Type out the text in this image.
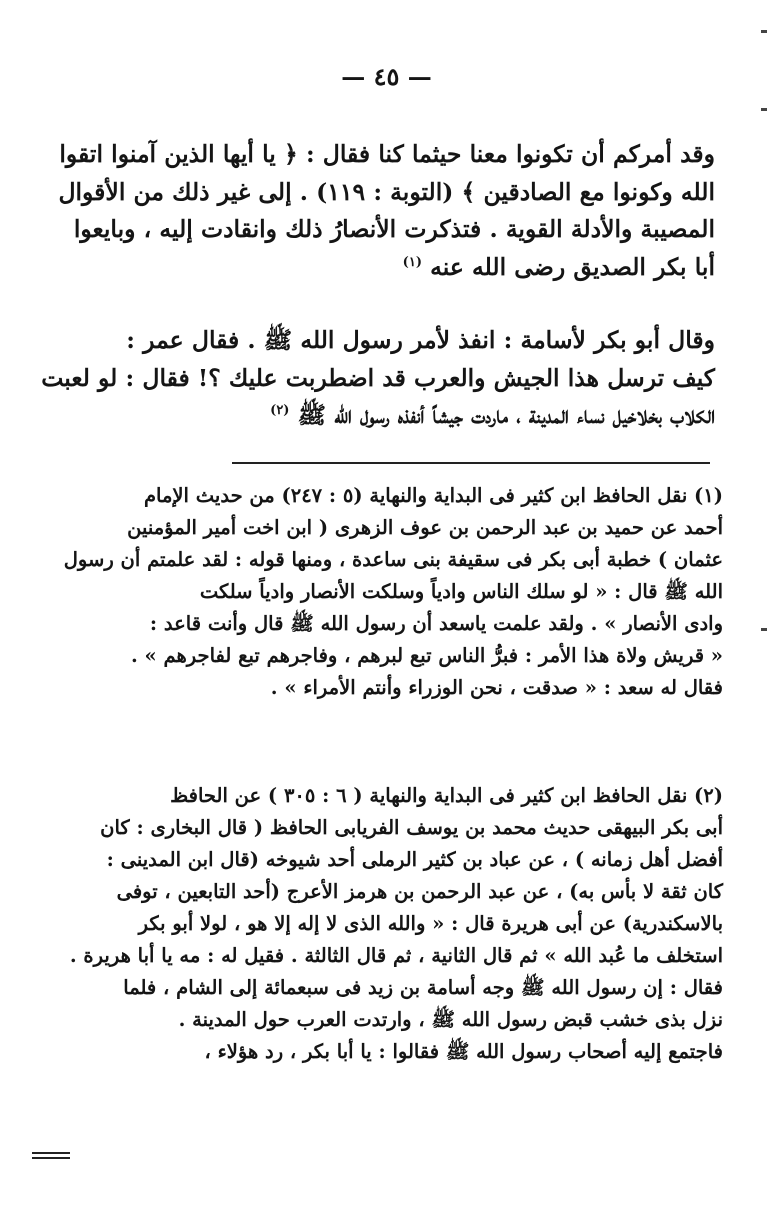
— ٤٥ —
وقد أمركم أن تكونوا معنا حيثما كنا فقال : ﴿ يا أيها الذين آمنوا اتقوا
الله وكونوا مع الصادقين ﴾ (التوبة : ١١٩) . إلى غير ذلك من الأقوال
المصيبة والأدلة القوية . فتذكرت الأنصارُ ذلك وانقادت إليه ، وبايعوا
أبا بكر الصديق رضى الله عنه $^{(١)}$
وقال أبو بكر لأسامة : انفذ لأمر رسول الله ﷺ . فقال عمر :
كيف ترسل هذا الجيش والعرب قد اضطربت عليك ؟! فقال : لو لعبت
الكلاب بخلاخيل نساء المدينة ، ماردت جيشاً أنفذه رسول الله ﷺ $^{(٢)}$
(١) نقل الحافظ ابن كثير فى البداية والنهاية (٥ : ٢٤٧) من حديث الإمام
أحمد عن حميد بن عبد الرحمن بن عوف الزهرى ( ابن اخت أمير المؤمنين
عثمان ) خطبة أبى بكر فى سقيفة بنى ساعدة ، ومنها قوله : لقد علمتم أن رسول
الله ﷺ قال : « لو سلك الناس وادياً وسلكت الأنصار وادياً سلكت
وادى الأنصار » . ولقد علمت ياسعد أن رسول الله ﷺ قال وأنت قاعد :
« قريش ولاة هذا الأمر : فبرُّ الناس تبع لبرهم ، وفاجرهم تبع لفاجرهم » .
فقال له سعد : « صدقت ، نحن الوزراء وأنتم الأمراء » .
(٢) نقل الحافظ ابن كثير فى البداية والنهاية ( ٦ : ٣٠٥ ) عن الحافظ
أبى بكر البيهقى حديث محمد بن يوسف الفريابى الحافظ ( قال البخارى : كان
أفضل أهل زمانه ) ، عن عباد بن كثير الرملى أحد شيوخه (قال ابن المدينى :
كان ثقة لا بأس به) ، عن عبد الرحمن بن هرمز الأعرج (أحد التابعين ، توفى
بالاسكندرية) عن أبى هريرة قال : « والله الذى لا إله إلا هو ، لولا أبو بكر
استخلف ما عُبد الله » ثم قال الثانية ، ثم قال الثالثة . فقيل له : مه يا أبا هريرة .
فقال : إن رسول الله ﷺ وجه أسامة بن زيد فى سبعمائة إلى الشام ، فلما
نزل بذى خشب قبض رسول الله ﷺ ، وارتدت العرب حول المدينة .
فاجتمع إليه أصحاب رسول الله ﷺ فقالوا : يا أبا بكر ، رد هؤلاء ،
